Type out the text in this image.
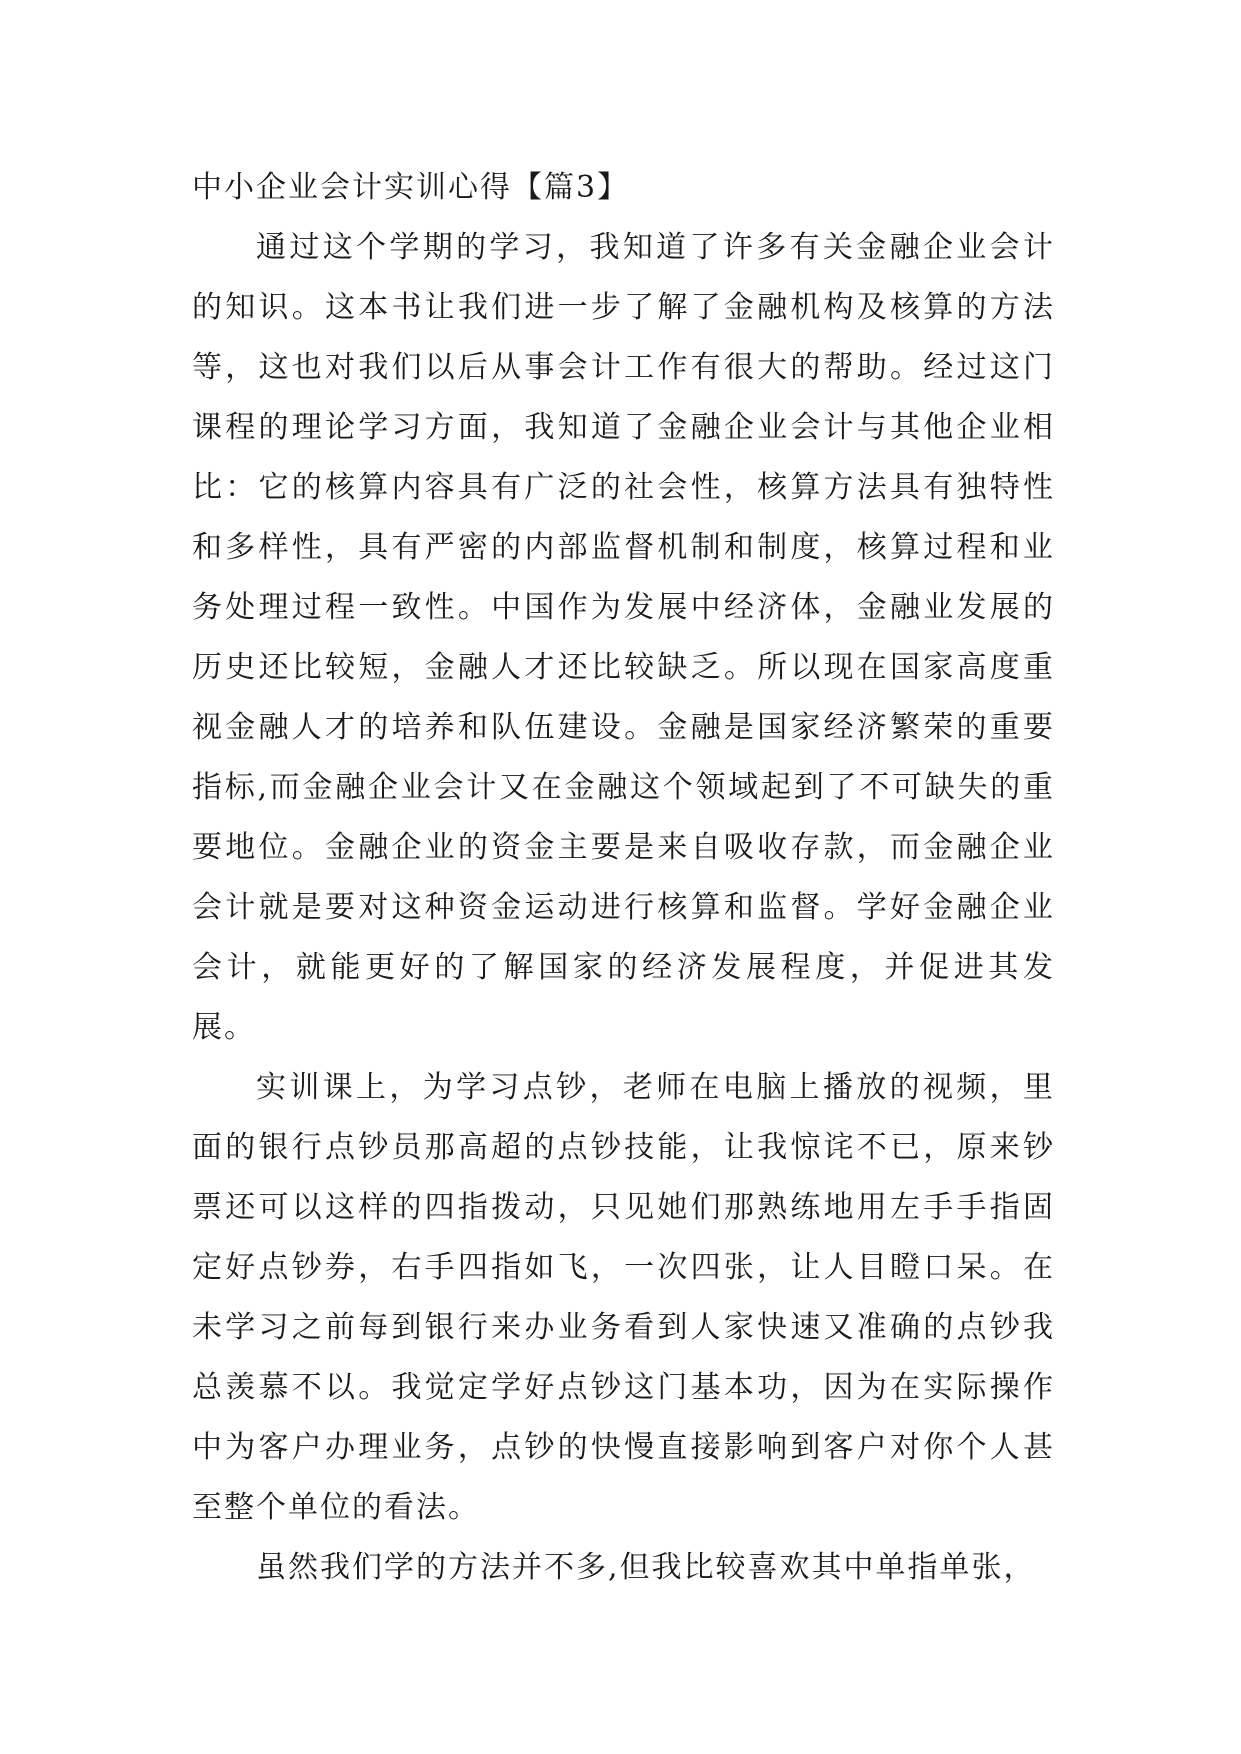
中小企业会计实训心得【篇3】

通过这个学期的学习，我知道了许多有关金融企业会计的知识。这本书让我们进一步了解了金融机构及核算的方法等，这也对我们以后从事会计工作有很大的帮助。经过这门课程的理论学习方面，我知道了金融企业会计与其他企业相比：它的核算内容具有广泛的社会性，核算方法具有独特性和多样性，具有严密的内部监督机制和制度，核算过程和业务处理过程一致性。中国作为发展中经济体，金融业发展的历史还比较短，金融人才还比较缺乏。所以现在国家高度重视金融人才的培养和队伍建设。金融是国家经济繁荣的重要指标,而金融企业会计又在金融这个领域起到了不可缺失的重要地位。金融企业的资金主要是来自吸收存款，而金融企业会计就是要对这种资金运动进行核算和监督。学好金融企业会计，就能更好的了解国家的经济发展程度，并促进其发展。

实训课上，为学习点钞，老师在电脑上播放的视频，里面的银行点钞员那高超的点钞技能，让我惊诧不已，原来钞票还可以这样的四指拨动，只见她们那熟练地用左手手指固定好点钞券，右手四指如飞，一次四张，让人目瞪口呆。在未学习之前每到银行来办业务看到人家快速又准确的点钞我总羡慕不以。我觉定学好点钞这门基本功，因为在实际操作中为客户办理业务，点钞的快慢直接影响到客户对你个人甚至整个单位的看法。

虽然我们学的方法并不多,但我比较喜欢其中单指单张，
